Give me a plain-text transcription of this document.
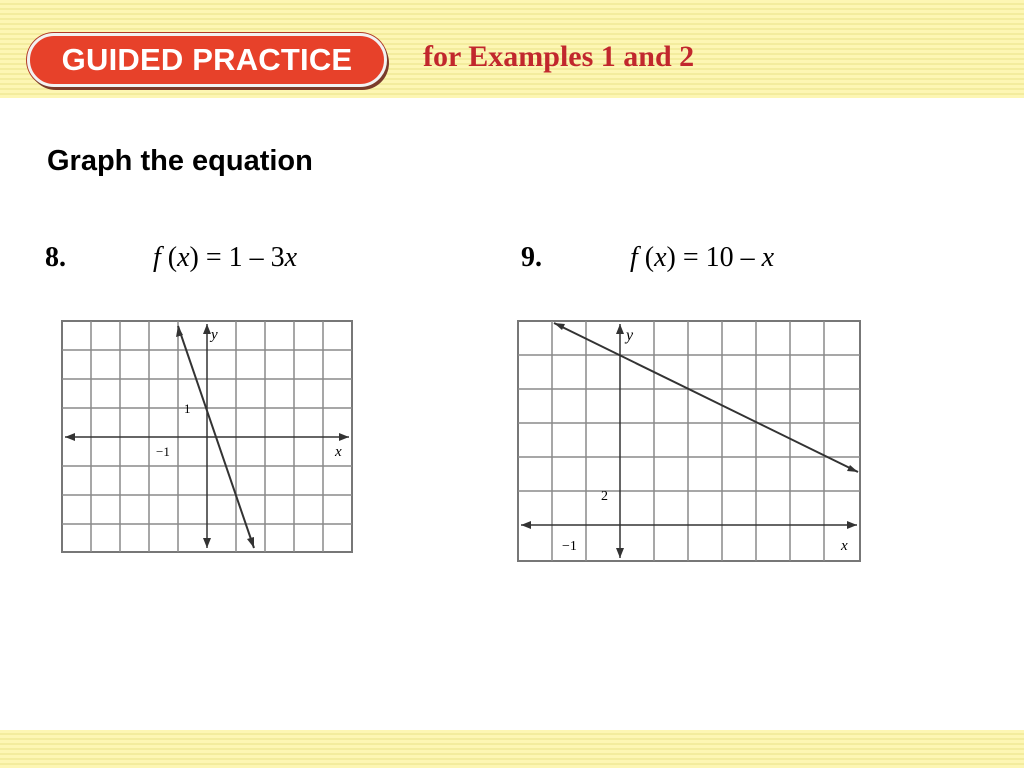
GUIDED PRACTICE for Examples 1 and 2
Graph the equation
8.	f (x) = 1 – 3x	9.	f (x) = 10 – x
y
x
1
−1
y
x
2
−1
